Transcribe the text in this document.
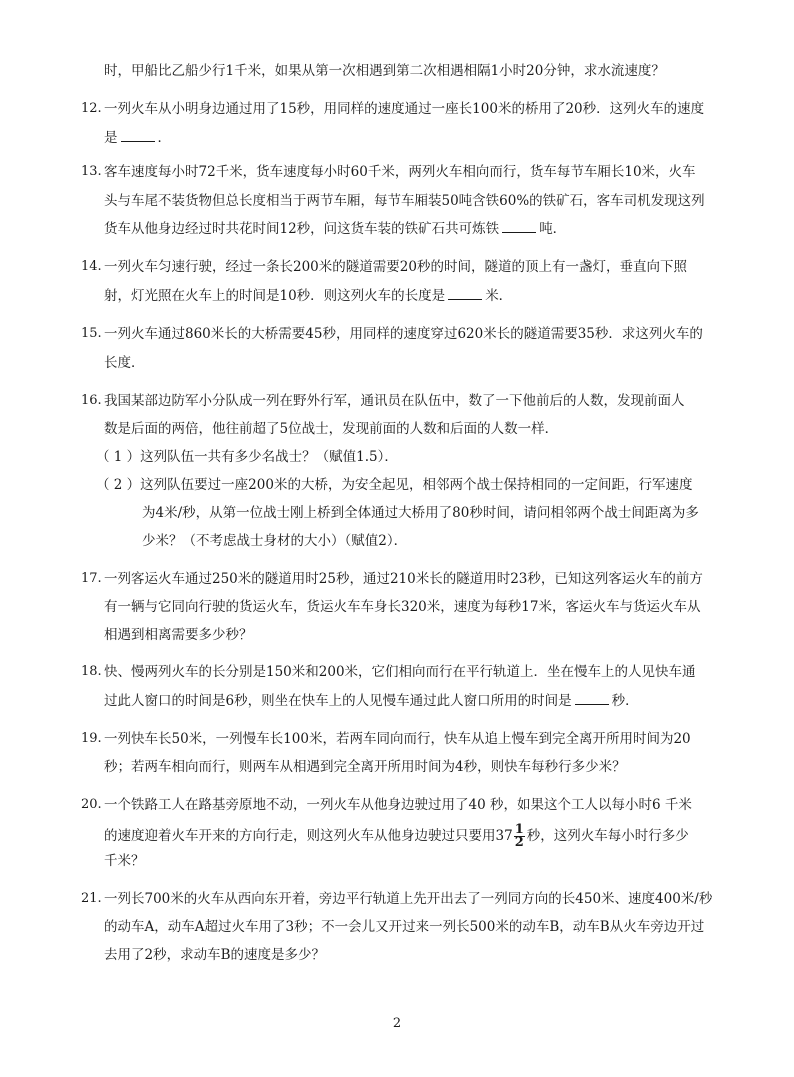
时，甲船比乙船少行1千米，如果从第一次相遇到第二次相遇相隔1小时20分钟，求水流速度？
12. 一列火车从小明身边通过用了15秒，用同样的速度通过一座长100米的桥用了20秒．这列火车的速度
是	．
13. 客车速度每小时72千米，货车速度每小时60千米，两列火车相向而行，货车每节车厢长10米，火车
头与车尾不装货物但总长度相当于两节车厢，每节车厢装50吨含铁60%的铁矿石，客车司机发现这列
货车从他身边经过时共花时间12秒，问这货车装的铁矿石共可炼铁	吨．
14. 一列火车匀速行驶，经过一条长200米的隧道需要20秒的时间，隧道的顶上有一盏灯，垂直向下照
射，灯光照在火车上的时间是10秒．则这列火车的长度是	米．
15. 一列火车通过860米长的大桥需要45秒，用同样的速度穿过620米长的隧道需要35秒．求这列火车的
长度．
16. 我国某部边防军小分队成一列在野外行军，通讯员在队伍中，数了一下他前后的人数，发现前面人
数是后面的两倍，他往前超了5位战士，发现前面的人数和后面的人数一样．
（ 1 ）这列队伍一共有多少名战士？（赋值1.5）．
（ 2 ）这列队伍要过一座200米的大桥，为安全起见，相邻两个战士保持相同的一定间距，行军速度
为4米/秒，从第一位战士刚上桥到全体通过大桥用了80秒时间，请问相邻两个战士间距离为多
少米？（不考虑战士身材的大小）（赋值2）．
17. 一列客运火车通过250米的隧道用时25秒，通过210米长的隧道用时23秒，已知这列客运火车的前方
有一辆与它同向行驶的货运火车，货运火车车身长320米，速度为每秒17米，客运火车与货运火车从
相遇到相离需要多少秒？
18. 快、慢两列火车的长分别是150米和200米，它们相向而行在平行轨道上．坐在慢车上的人见快车通
过此人窗口的时间是6秒，则坐在快车上的人见慢车通过此人窗口所用的时间是	秒．
19. 一列快车长50米，一列慢车长100米，若两车同向而行，快车从追上慢车到完全离开所用时间为20
秒；若两车相向而行，则两车从相遇到完全离开所用时间为4秒，则快车每秒行多少米？
20. 一个铁路工人在路基旁原地不动，一列火车从他身边驶过用了40 秒，如果这个工人以每小时6 千米
的速度迎着火车开来的方向行走，则这列火车从他身边驶过只要用$37 \frac{1}{2}$ 秒，这列火车每小时行多少
千米？
21. 一列长700米的火车从西向东开着，旁边平行轨道上先开出去了一列同方向的长450米、速度400米/秒
的动车A，动车A超过火车用了3秒；不一会儿又开过来一列长500米的动车B，动车B从火车旁边开过
去用了2秒，求动车B的速度是多少？
2
